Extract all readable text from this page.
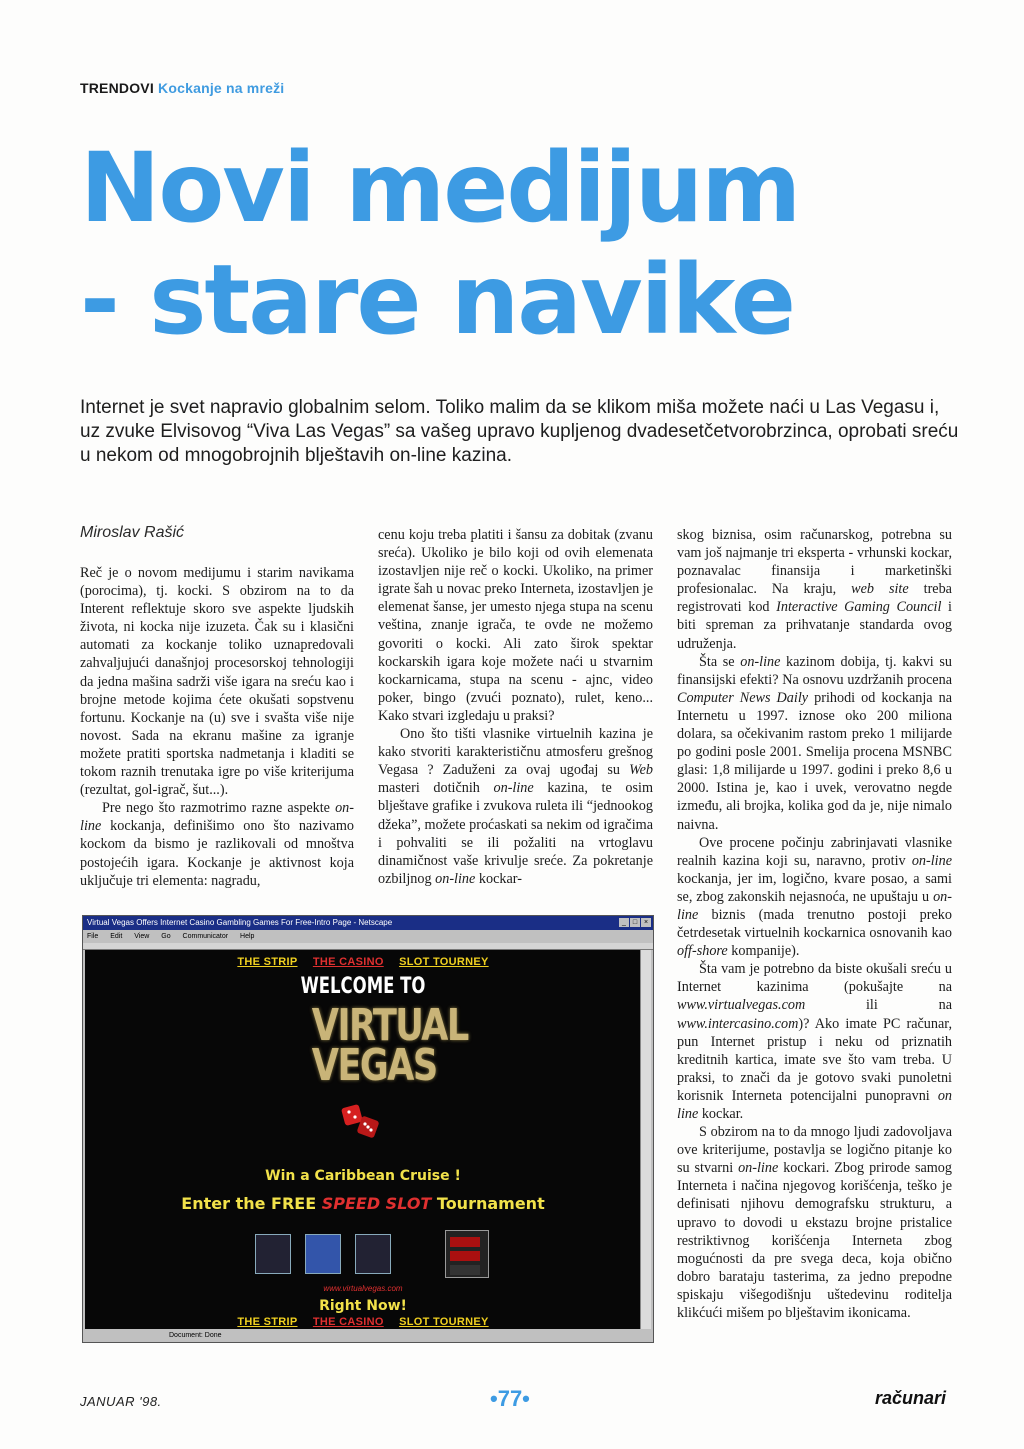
TRENDOVI Kockanje na mreži
Novi medijum
- stare navike

Internet je svet napravio globalnim selom. Toliko malim da se klikom miša možete naći u Las Vegasu i, uz zvuke Elvisovog “Viva Las Vegas” sa vašeg upravo kupljenog dvadesetčetvorobrzinca, oprobati sreću u nekom od mnogobrojnih blještavih on-line kazina.

Miroslav Rašić

Reč je o novom medijumu i starim navikama (porocima), tj. kocki. S obzirom na to da Interent reflektuje skoro sve aspekte ljudskih života, ni kocka nije izuzeta. Čak su i klasični automati za kockanje toliko uznapredovali zahvaljujući današnjoj procesorskoj tehnologiji da jedna mašina sadrži više igara na sreću kao i brojne metode kojima ćete okušati sopstvenu fortunu. Kockanje na (u) sve i svašta više nije novost. Sada na ekranu mašine za igranje možete pratiti sportska nadmetanja i kladiti se tokom raznih trenutaka igre po više kriterijuma (rezultat, gol-igrač, šut...).

Pre nego što razmotrimo razne aspekte on-line kockanja, definišimo ono što nazivamo kockom da bismo je razlikovali od mnoštva postojećih igara. Kockanje je aktivnost koja uključuje tri elementa: nagradu,

cenu koju treba platiti i šansu za dobitak (zvanu sreća). Ukoliko je bilo koji od ovih elemenata izostavljen nije reč o kocki. Ukoliko, na primer igrate šah u novac preko Interneta, izostavljen je elemenat šanse, jer umesto njega stupa na scenu veština, znanje igrača, te ovde ne možemo govoriti o kocki. Ali zato širok spektar kockarskih igara koje možete naći u stvarnim kockarnicama, stupa na scenu - ajnc, video poker, bingo (zvući poznato), rulet, keno... Kako stvari izgledaju u praksi?

Ono što tišti vlasnike virtuelnih kazina je kako stvoriti karakterističnu atmosferu grešnog Vegasa ? Zaduženi za ovaj ugođaj su Web masteri dotičnih on-line kazina, te osim blještave grafike i zvukova ruleta ili “jednookog džeka”, možete proćaskati sa nekim od igračima i pohvaliti se ili požaliti na vrtoglavu dinamičnost vaše krivulje sreće. Za pokretanje ozbiljnog on-line kockar-

skog biznisa, osim računarskog, potrebna su vam još najmanje tri eksperta - vrhunski kockar, poznavalac finansija i marketinški profesionalac. Na kraju, web site treba registrovati kod Interactive Gaming Council i biti spreman za prihvatanje standarda ovog udruženja.

Šta se on-line kazinom dobija, tj. kakvi su finansijski efekti? Na osnovu uzdržanih procena Computer News Daily prihodi od kockanja na Internetu u 1997. iznose oko 200 miliona dolara, sa očekivanim rastom preko 1 milijarde po godini posle 2001. Smelija procena MSNBC glasi: 1,8 milijarde u 1997. godini i preko 8,6 u 2000. Istina je, kao i uvek, verovatno negde između, ali brojka, kolika god da je, nije nimalo naivna.

Ove procene počinju zabrinjavati vlasnike realnih kazina koji su, naravno, protiv on-line kockanja, jer im, logično, kvare posao, a sami se, zbog zakonskih nejasnoća, ne upuštaju u on-line biznis (mada trenutno postoji preko četrdesetak virtuelnih kockarnica osnovanih kao off-shore kompanije).

Šta vam je potrebno da biste okušali sreću u Internet kazinima (pokušajte na www.virtualvegas.com ili na www.intercasino.com)? Ako imate PC računar, pun Internet pristup i neku od priznatih kreditnih kartica, imate sve što vam treba. U praksi, to znači da je gotovo svaki punoletni korisnik Interneta potencijalni punopravni on line kockar.

S obzirom na to da mnogo ljudi zadovoljava ove kriterijume, postavlja se logično pitanje ko su stvarni on-line kockari. Zbog prirode samog Interneta i načina njegovog korišćenja, teško je definisati njihovu demografsku strukturu, a upravo to dovodi u ekstazu brojne pristalice restriktivnog korišćenja Interneta zbog mogućnosti da pre svega deca, koja obično dobro barataju tasterima, za jedno prepodne spiskaju višegodišnju uštedevinu roditelja klikćući mišem po blještavim ikonicama.

Virtual Vegas Offers Internet Casino Gambling Games For Free-Intro Page - Netscape	_ □ ×
File Edit View Go Communicator Help
THE STRIP THE CASINO SLOT TOURNEY
WELCOME TO
VIRTUAL
VEGAS
Win a Caribbean Cruise !
Enter the FREE SPEED SLOT Tournament
www.virtualvegas.com
Right Now!
THE STRIP THE CASINO SLOT TOURNEY
Document: Done
JANUAR '98.	•77•	računari
